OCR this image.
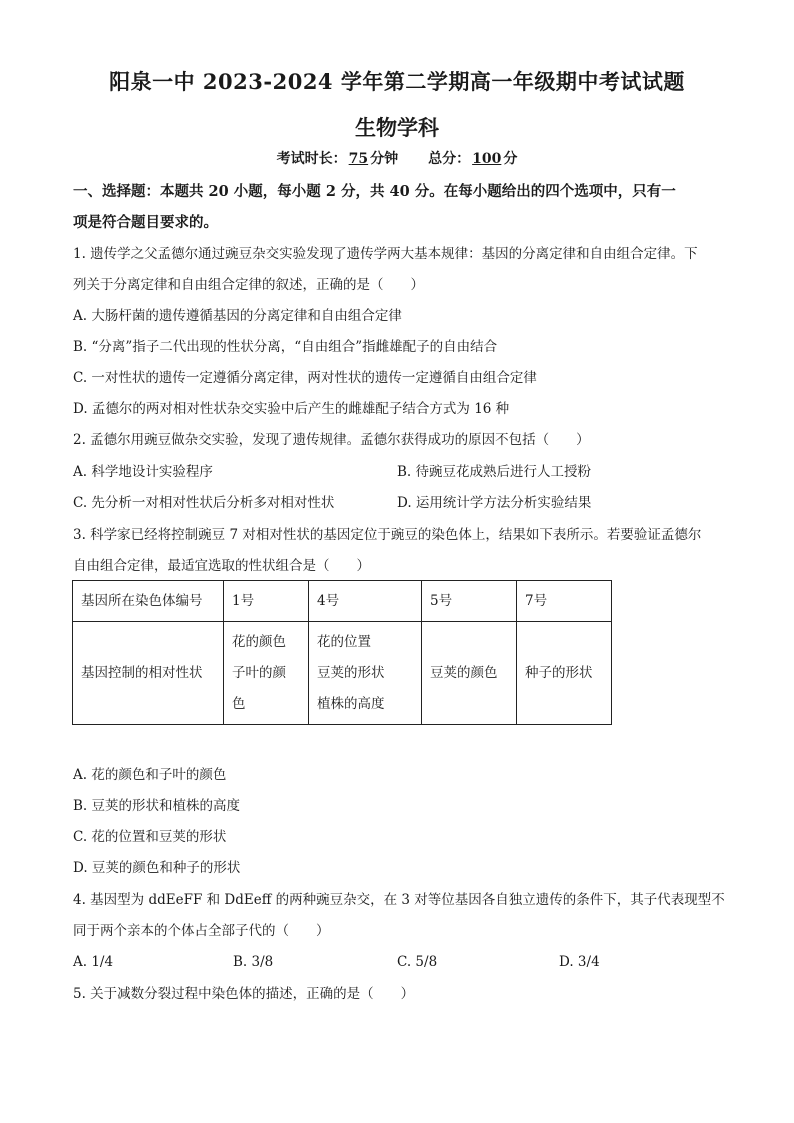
阳泉一中 2023-2024 学年第二学期高一年级期中考试试题
生物学科
考试时长： 75 分钟 总分： 100 分
一、选择题：本题共 20 小题，每小题 2 分，共 40 分。在每小题给出的四个选项中，只有一
项是符合题目要求的。
1. 遗传学之父孟德尔通过豌豆杂交实验发现了遗传学两大基本规律：基因的分离定律和自由组合定律。下
列关于分离定律和自由组合定律的叙述，正确的是（　　）
A. 大肠杆菌的遗传遵循基因的分离定律和自由组合定律
B. “分离”指子二代出现的性状分离，“自由组合”指雌雄配子的自由结合
C. 一对性状的遗传一定遵循分离定律，两对性状的遗传一定遵循自由组合定律
D. 孟德尔的两对相对性状杂交实验中后产生的雌雄配子结合方式为 16 种
2. 孟德尔用豌豆做杂交实验，发现了遗传规律。孟德尔获得成功的原因不包括（　　）
A. 科学地设计实验程序	B. 待豌豆花成熟后进行人工授粉
C. 先分析一对相对性状后分析多对相对性状	D. 运用统计学方法分析实验结果
3. 科学家已经将控制豌豆 7 对相对性状的基因定位于豌豆的染色体上，结果如下表所示。若要验证孟德尔
自由组合定律，最适宜选取的性状组合是（　　）
基因所在染色体编号	1号	4号	5号	7号
基因控制的相对性状	花的颜色
子叶的颜
色	花的位置
豆荚的形状
植株的高度	豆荚的颜色	种子的形状
A. 花的颜色和子叶的颜色
B. 豆荚的形状和植株的高度
C. 花的位置和豆荚的形状
D. 豆荚的颜色和种子的形状
4. 基因型为 ddEeFF 和 DdEeff 的两种豌豆杂交，在 3 对等位基因各自独立遗传的条件下，其子代表现型不
同于两个亲本的个体占全部子代的（　　）
A. 1/4	B. 3/8	C. 5/8	D. 3/4
5. 关于减数分裂过程中染色体的描述，正确的是（　　）
